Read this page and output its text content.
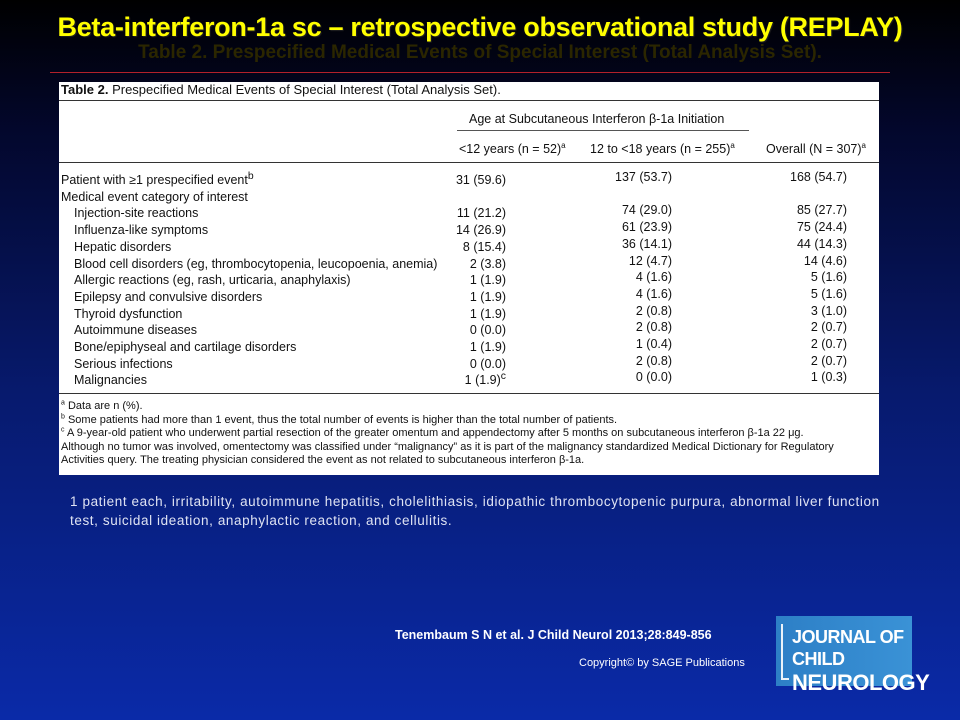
Table 2. Prespecified Medical Events of Special Interest (Total Analysis Set).
Beta-interferon-1a sc – retrospective observational study (REPLAY)
Table 2. Prespecified Medical Events of Special Interest (Total Analysis Set).
Age at Subcutaneous Interferon β-1a Initiation
<12 years (n = 52)$^a$ 12 to <18 years (n = 255)$^a$ Overall (N = 307)$^a$
Patient with ≥1 prespecified event$^b$	31 (59.6)	137 (53.7)	168 (54.7)
Medical event category of interest
Injection-site reactions	11 (21.2)	74 (29.0)	85 (27.7)
Influenza-like symptoms	14 (26.9)	61 (23.9)	75 (24.4)
Hepatic disorders	8 (15.4)	36 (14.1)	44 (14.3)
Blood cell disorders (eg, thrombocytopenia, leucopoenia, anemia)	2 (3.8)	12 (4.7)	14 (4.6)
Allergic reactions (eg, rash, urticaria, anaphylaxis)	1 (1.9)	4 (1.6)	5 (1.6)
Epilepsy and convulsive disorders	1 (1.9)	4 (1.6)	5 (1.6)
Thyroid dysfunction	1 (1.9)	2 (0.8)	3 (1.0)
Autoimmune diseases	0 (0.0)	2 (0.8)	2 (0.7)
Bone/epiphyseal and cartilage disorders	1 (1.9)	1 (0.4)	2 (0.7)
Serious infections	0 (0.0)	2 (0.8)	2 (0.7)
Malignancies	1 $(1.9)^c$	0 (0.0)	1 (0.3)
$^a$ Data are n (%).
$^b$ Some patients had more than 1 event, thus the total number of events is higher than the total number of patients.
$^c$ A 9-year-old patient who underwent partial resection of the greater omentum and appendectomy after 5 months on subcutaneous interferon β-1a 22 μg.
Although no tumor was involved, omentectomy was classified under “malignancy” as it is part of the malignancy standardized Medical Dictionary for Regulatory
Activities query. The treating physician considered the event as not related to subcutaneous interferon β-1a.
1 patient each, irritability, autoimmune hepatitis, cholelithiasis, idiopathic thrombocytopenic purpura, abnormal liver function test, suicidal ideation, anaphylactic reaction, and cellulitis.
Tenembaum S N et al. J Child Neurol 2013;28:849-856
Copyright© by SAGE Publications
JOURNAL OF CHILD
NEUROLOGY
